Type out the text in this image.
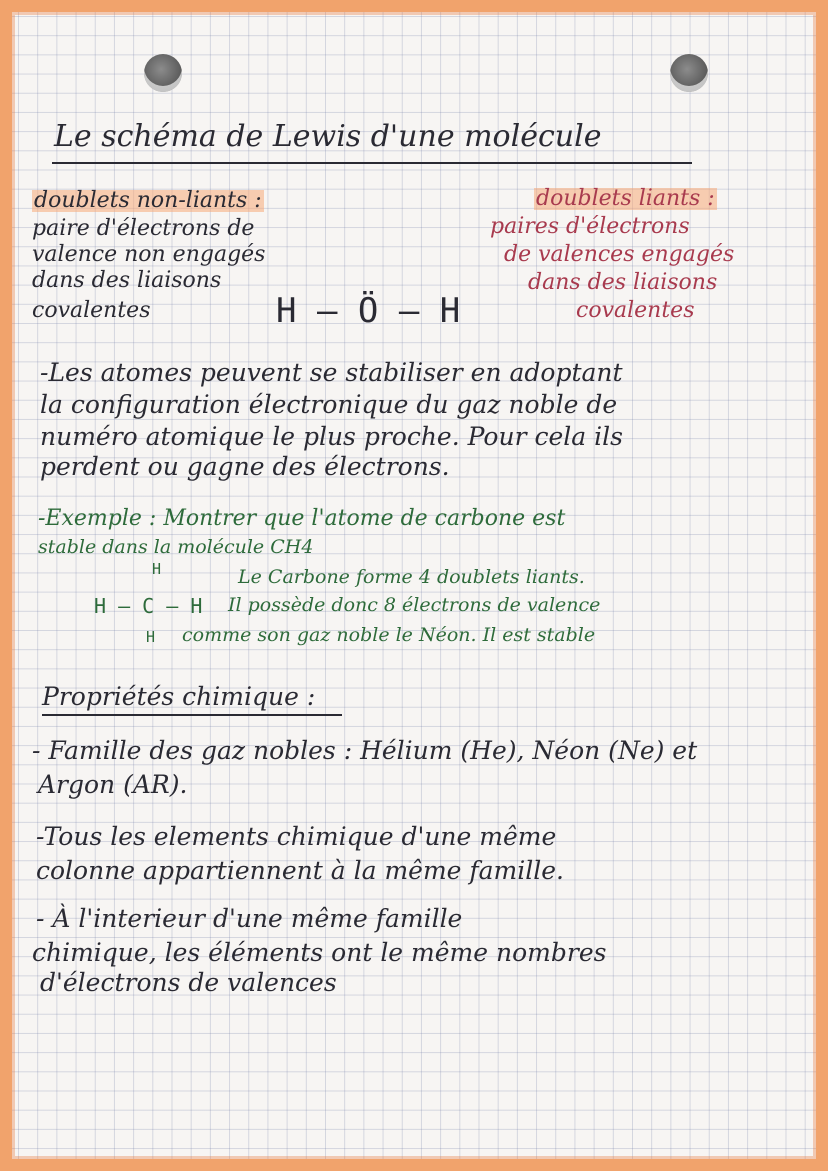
Le schéma de Lewis d'une molécule
doublets non-liants :
paire d'électrons de
valence non engagés
dans des liaisons
covalentes
doublets liants :
paires d'électrons
de valences engagés
dans des liaisons
covalentes
H – Ö – H
-Les atomes peuvent se stabiliser en adoptant
la configuration électronique du gaz noble de
numéro atomique le plus proche. Pour cela ils
perdent ou gagne des électrons.
-Exemple : Montrer que l'atome de carbone est
stable dans la molécule CH4
H	Le Carbone forme 4 doublets liants.
H – C – H Il possède donc 8 électrons de valence
H comme son gaz noble le Néon. Il est stable
Propriétés chimique :
- Famille des gaz nobles : Hélium (He), Néon (Ne) et
Argon (AR).
-Tous les elements chimique d'une même
colonne appartiennent à la même famille.
- À l'interieur d'une même famille
chimique, les éléments ont le même nombres
d'électrons de valences
